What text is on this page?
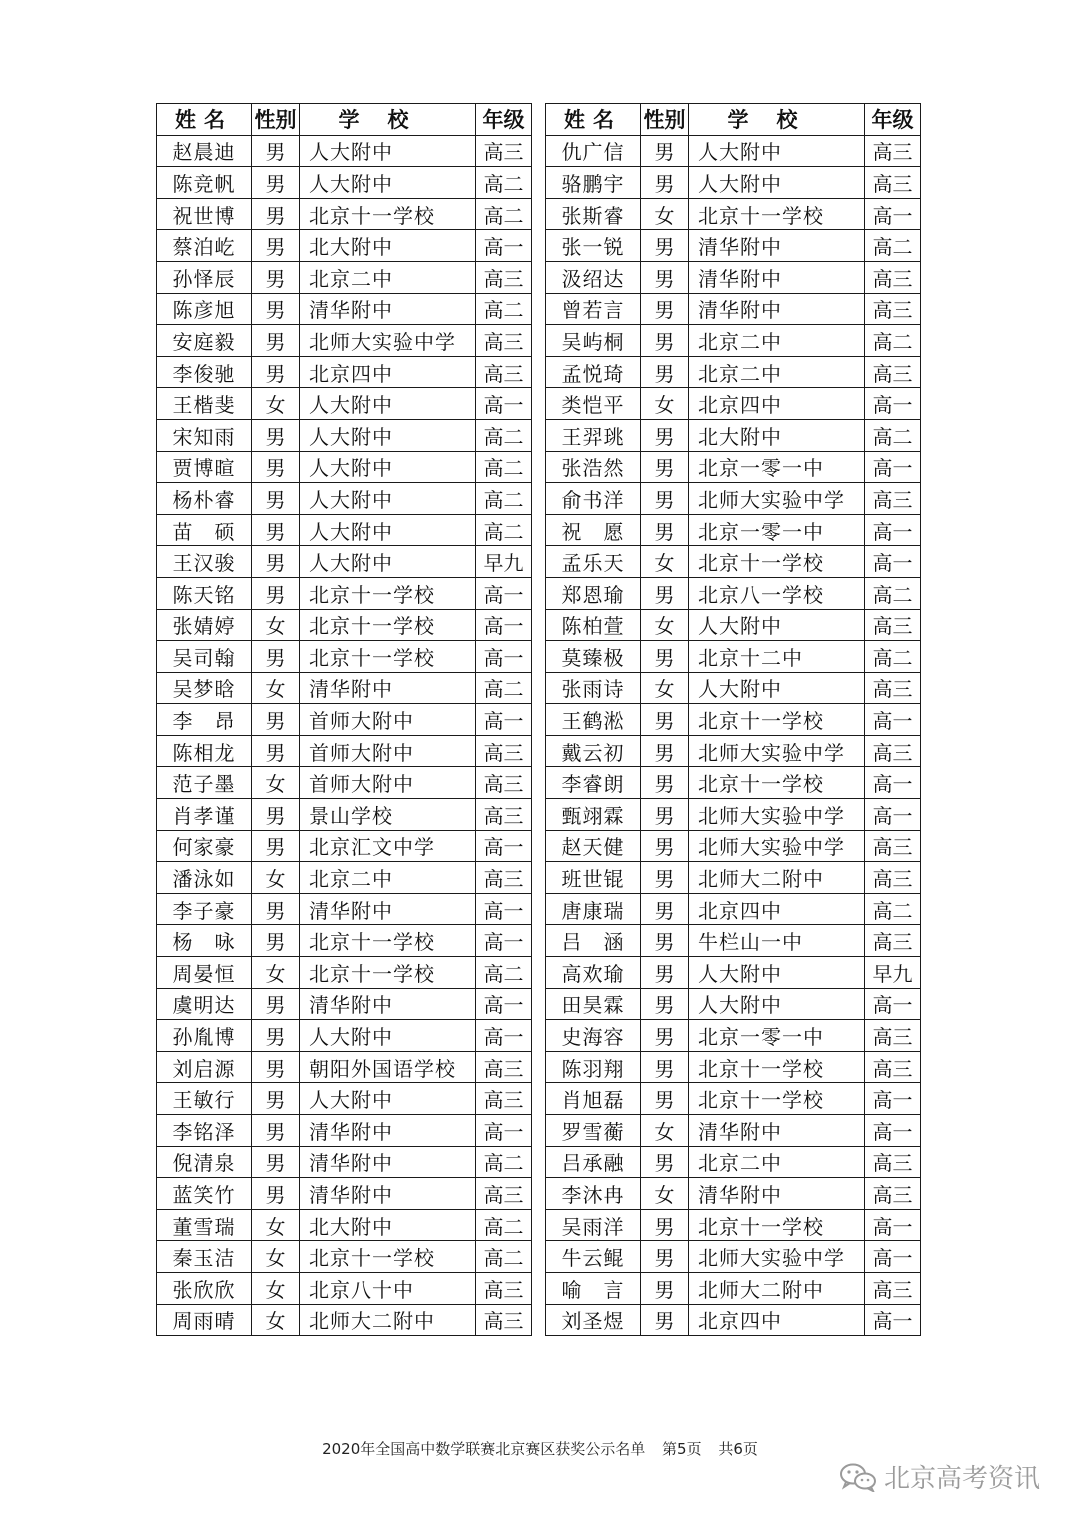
姓名	性别	学校	年级
赵晨迪	男	人大附中	高三
陈竞帆	男	人大附中	高二
祝世博	男	北京十一学校	高二
蔡泊屹	男	北大附中	高一
孙怿辰	男	北京二中	高三
陈彦旭	男	清华附中	高二
安庭毅	男	北师大实验中学	高三
李俊驰	男	北京四中	高三
王楷斐	女	人大附中	高一
宋知雨	男	人大附中	高二
贾博暄	男	人大附中	高二
杨朴睿	男	人大附中	高二
苗　硕	男	人大附中	高二
王汉骏	男	人大附中	早九
陈天铭	男	北京十一学校	高一
张婧婷	女	北京十一学校	高一
吴司翰	男	北京十一学校	高一
吴梦晗	女	清华附中	高二
李　昂	男	首师大附中	高一
陈相龙	男	首师大附中	高三
范子墨	女	首师大附中	高三
肖孝谨	男	景山学校	高三
何家豪	男	北京汇文中学	高一
潘泳如	女	北京二中	高三
李子豪	男	清华附中	高一
杨　咏	男	北京十一学校	高一
周晏恒	女	北京十一学校	高二
虞明达	男	清华附中	高一
孙胤博	男	人大附中	高一
刘启源	男	朝阳外国语学校	高三
王敏行	男	人大附中	高三
李铭泽	男	清华附中	高一
倪清泉	男	清华附中	高二
蓝笑竹	男	清华附中	高三
董雪瑞	女	北大附中	高二
秦玉洁	女	北京十一学校	高二
张欣欣	女	北京八十中	高三
周雨晴	女	北师大二附中	高三
姓名	性别	学校	年级
仇广信	男	人大附中	高三
骆鹏宇	男	人大附中	高三
张斯睿	女	北京十一学校	高一
张一锐	男	清华附中	高二
汲绍达	男	清华附中	高三
曾若言	男	清华附中	高三
吴屿桐	男	北京二中	高二
孟悦琦	男	北京二中	高三
类恺平	女	北京四中	高一
王羿珧	男	北大附中	高二
张浩然	男	北京一零一中	高一
俞书洋	男	北师大实验中学	高三
祝　愿	男	北京一零一中	高一
孟乐天	女	北京十一学校	高一
郑恩瑜	男	北京八一学校	高二
陈柏萱	女	人大附中	高三
莫臻极	男	北京十二中	高二
张雨诗	女	人大附中	高三
王鹤淞	男	北京十一学校	高一
戴云初	男	北师大实验中学	高三
李睿朗	男	北京十一学校	高一
甄翊霖	男	北师大实验中学	高一
赵天健	男	北师大实验中学	高三
班世锟	男	北师大二附中	高三
唐康瑞	男	北京四中	高二
吕　涵	男	牛栏山一中	高三
高欢瑜	男	人大附中	早九
田昊霖	男	人大附中	高一
史海容	男	北京一零一中	高三
陈羽翔	男	北京十一学校	高三
肖旭磊	男	北京十一学校	高一
罗雪蘅	女	清华附中	高一
吕承融	男	北京二中	高三
李沐冉	女	清华附中	高三
吴雨洋	男	北京十一学校	高一
牛云鲲	男	北师大实验中学	高一
喻　言	男	北师大二附中	高三
刘圣煜	男	北京四中	高一
2020年全国高中数学联赛北京赛区获奖公示名单 第5页 共6页
北京高考资讯
